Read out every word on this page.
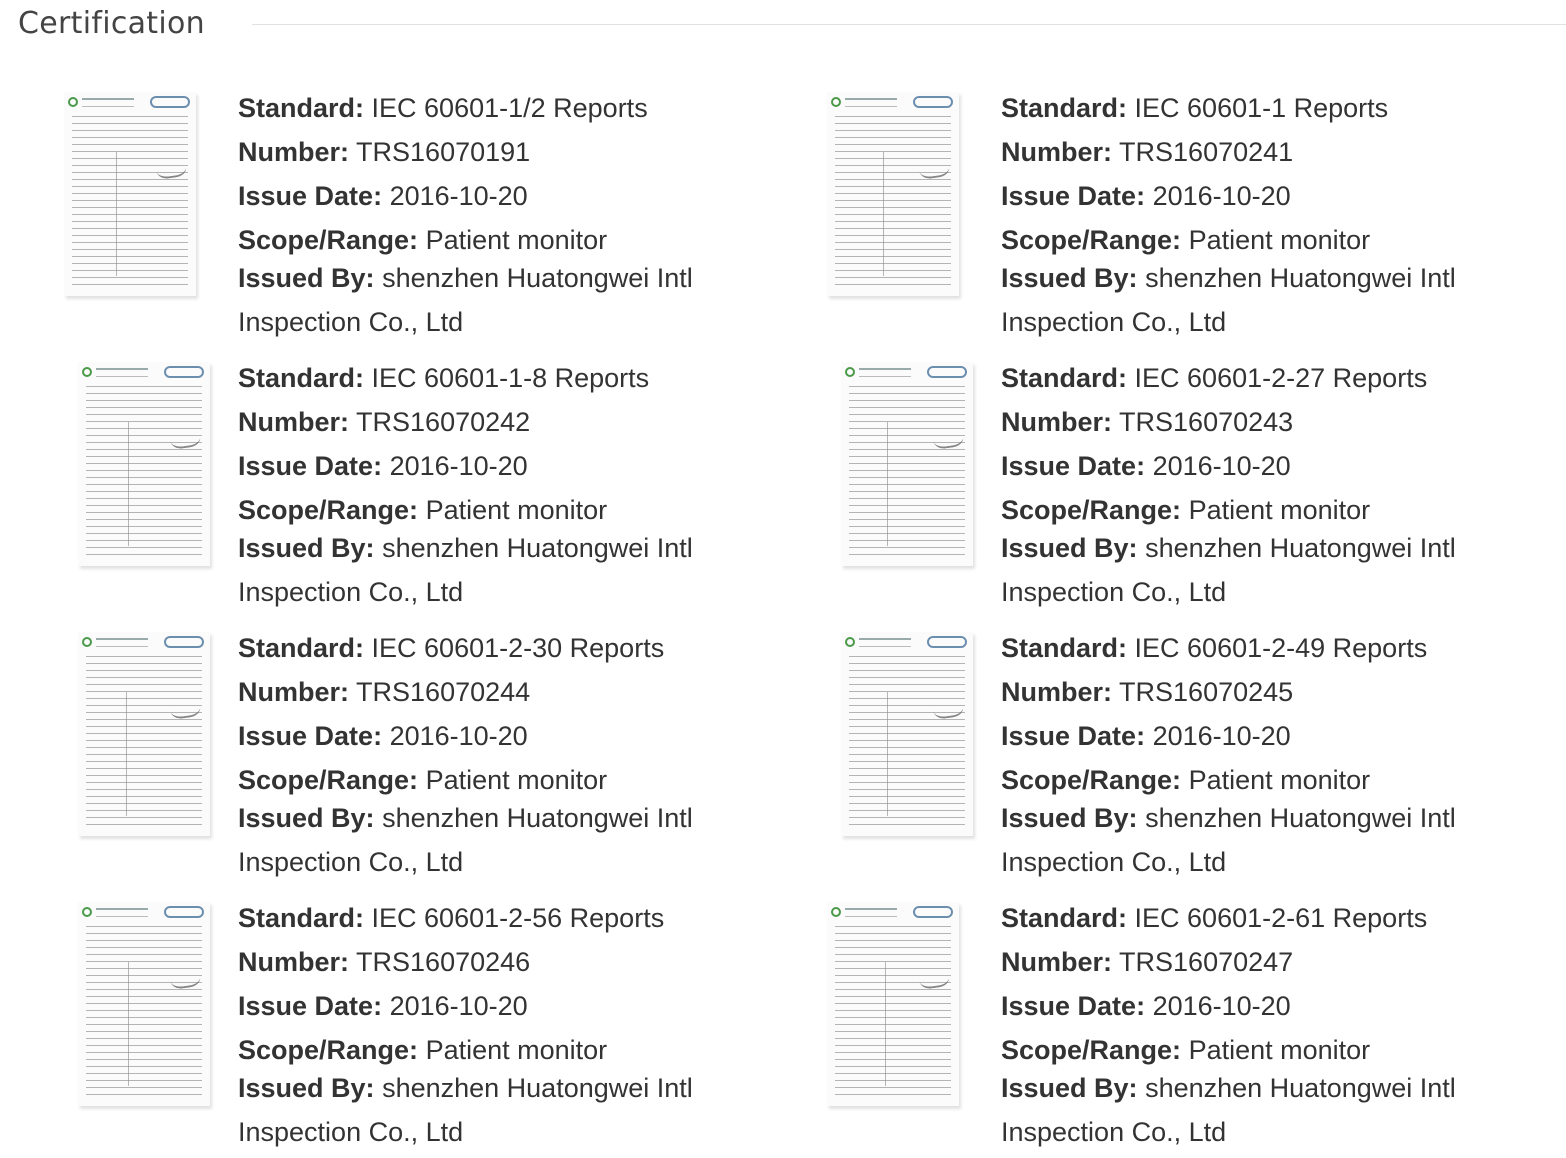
Certification
Standard: IEC 60601-1/2 Reports
Number: TRS16070191
Issue Date: 2016-10-20
Scope/Range: Patient monitor
Issued By: shenzhen Huatongwei Intl
Inspection Co., Ltd
Standard: IEC 60601-1 Reports
Number: TRS16070241
Issue Date: 2016-10-20
Scope/Range: Patient monitor
Issued By: shenzhen Huatongwei Intl
Inspection Co., Ltd
Standard: IEC 60601-1-8 Reports
Number: TRS16070242
Issue Date: 2016-10-20
Scope/Range: Patient monitor
Issued By: shenzhen Huatongwei Intl
Inspection Co., Ltd
Standard: IEC 60601-2-27 Reports
Number: TRS16070243
Issue Date: 2016-10-20
Scope/Range: Patient monitor
Issued By: shenzhen Huatongwei Intl
Inspection Co., Ltd
Standard: IEC 60601-2-30 Reports
Number: TRS16070244
Issue Date: 2016-10-20
Scope/Range: Patient monitor
Issued By: shenzhen Huatongwei Intl
Inspection Co., Ltd
Standard: IEC 60601-2-49 Reports
Number: TRS16070245
Issue Date: 2016-10-20
Scope/Range: Patient monitor
Issued By: shenzhen Huatongwei Intl
Inspection Co., Ltd
Standard: IEC 60601-2-56 Reports
Number: TRS16070246
Issue Date: 2016-10-20
Scope/Range: Patient monitor
Issued By: shenzhen Huatongwei Intl
Inspection Co., Ltd
Standard: IEC 60601-2-61 Reports
Number: TRS16070247
Issue Date: 2016-10-20
Scope/Range: Patient monitor
Issued By: shenzhen Huatongwei Intl
Inspection Co., Ltd
